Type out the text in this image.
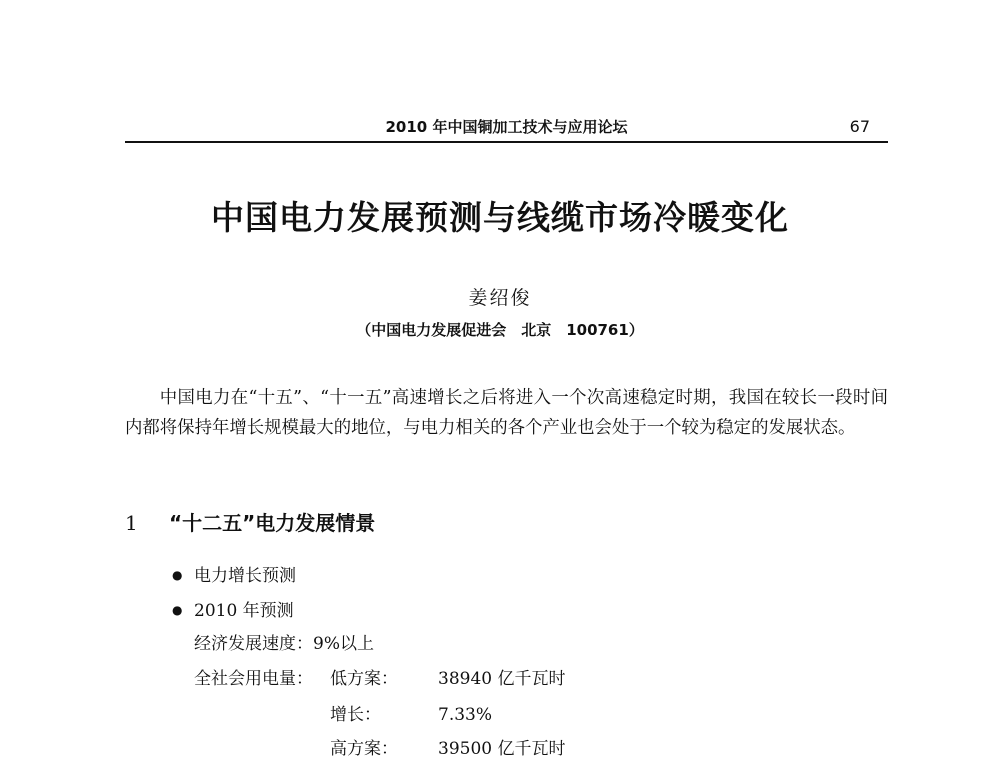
2010 年中国铜加工技术与应用论坛	67
中国电力发展预测与线缆市场冷暖变化
姜绍俊
（中国电力发展促进会　北京　100761）

中国电力在“十五”、“十一五”高速增长之后将进入一个次高速稳定时期，我国在较长一段时间内都将保持年增长规模最大的地位，与电力相关的各个产业也会处于一个较为稳定的发展状态。

1 “十二五”电力发展情景
● 电力增长预测
● 2010 年预测
经济发展速度：9%以上
全社会用电量： 低方案： 38940 亿千瓦时
增长：	7.33%
高方案： 39500 亿千瓦时
